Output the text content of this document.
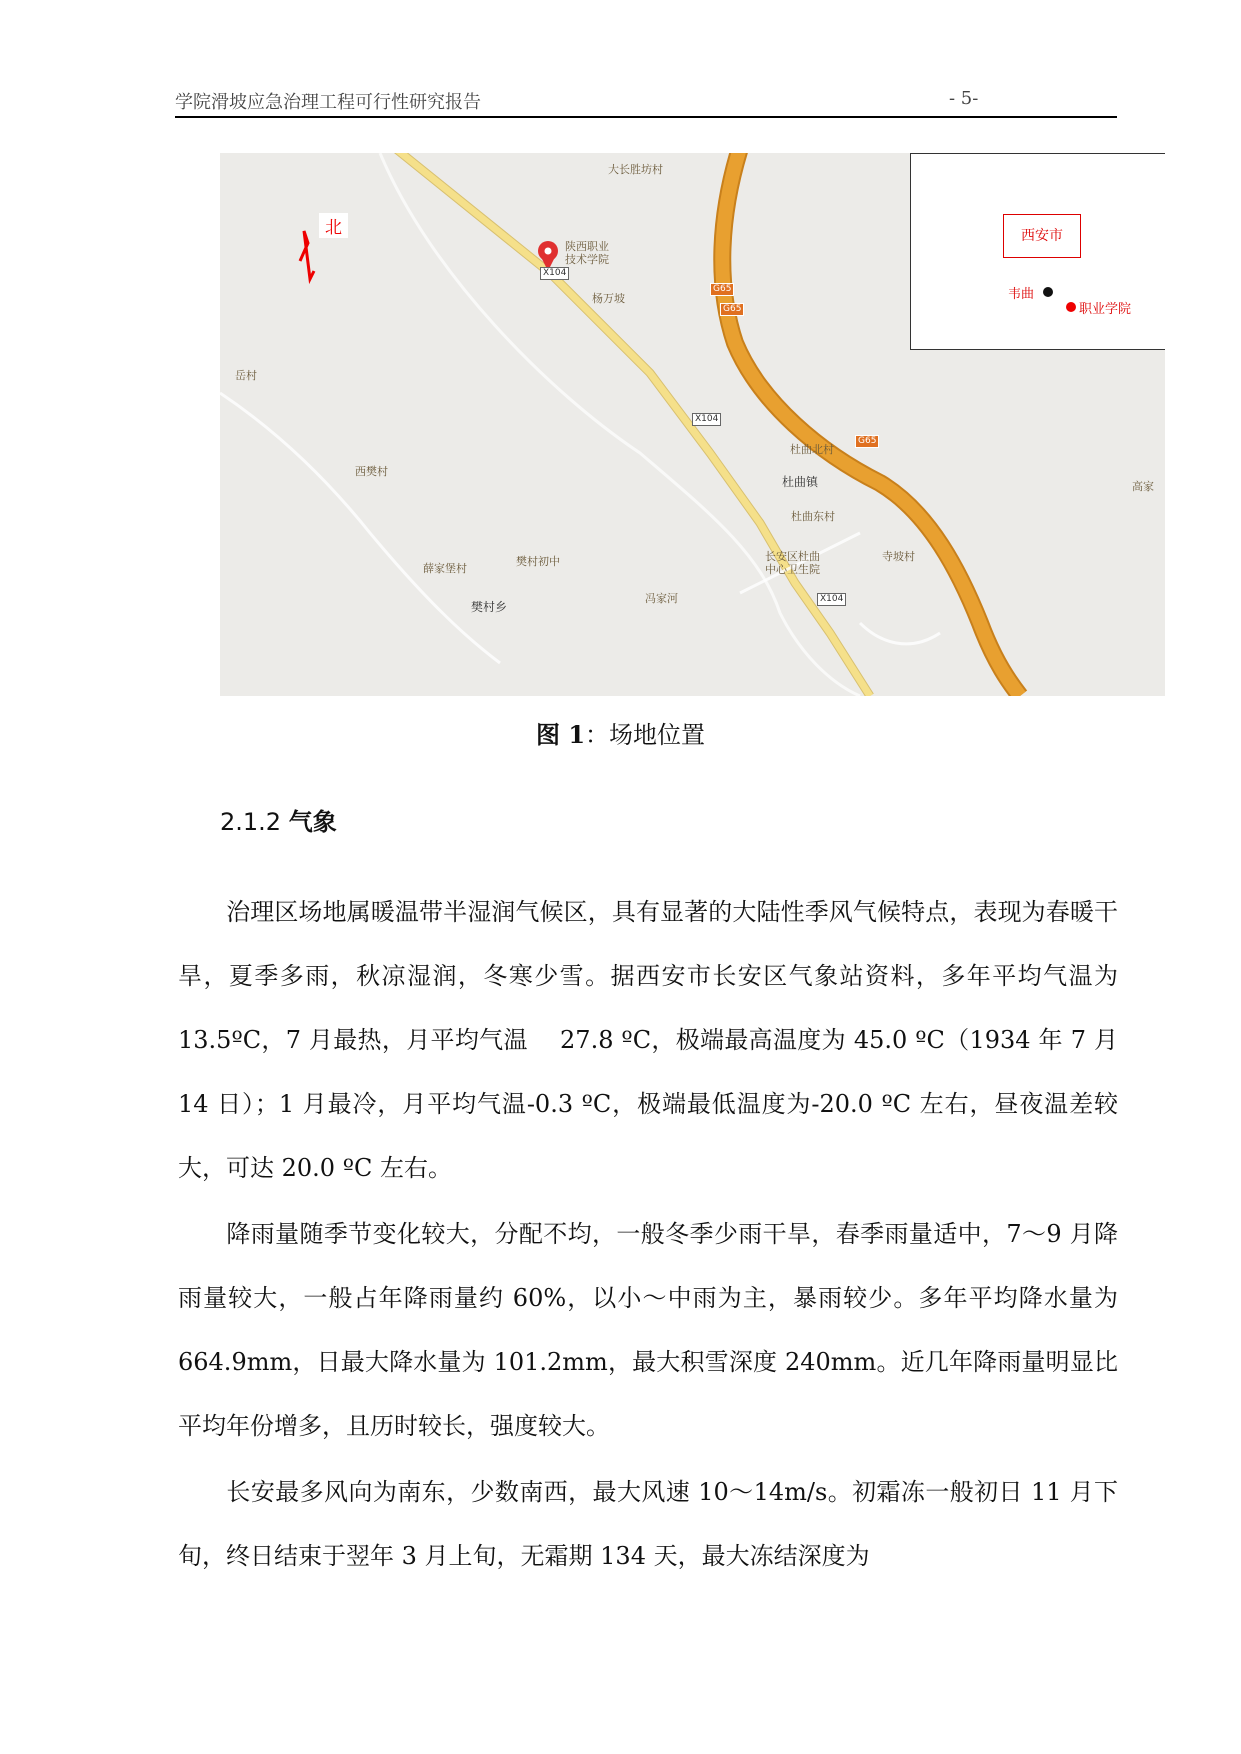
学院滑坡应急治理工程可行性研究报告	- 5-
北
陕西职业
技术学院
大长胜坊村
杨万坡
岳村
西樊村
杜曲北村
杜曲镇
杜曲东村
高家
寺坡村
薛家堡村
樊村初中
冯家河
樊村乡
长安区杜曲
中心卫生院
X104
X104
X104
G65
G65
G65
西安市
韦曲
职业学院
图 1：场地位置
2.1.2 气象
治理区场地属暖温带半湿润气候区，具有显著的大陆性季风气候特点，表现为春暖干旱，夏季多雨，秋凉湿润，冬寒少雪。据西安市长安区气象站资料，多年平均气温为 13.5ºC，7 月最热，月平均气温　 27.8 ºC，极端最高温度为 45.0 ºC（1934 年 7 月 14 日）；1 月最冷，月平均气温-0.3 ºC，极端最低温度为-20.0 ºC 左右，昼夜温差较大，可达 20.0 ºC 左右。
降雨量随季节变化较大，分配不均，一般冬季少雨干旱，春季雨量适中，7～9 月降雨量较大，一般占年降雨量约 60%，以小～中雨为主，暴雨较少。多年平均降水量为 664.9mm，日最大降水量为 101.2mm，最大积雪深度 240mm。近几年降雨量明显比平均年份增多，且历时较长，强度较大。
长安最多风向为南东，少数南西，最大风速 10～14m/s。初霜冻一般初日 11 月下旬，终日结束于翌年 3 月上旬，无霜期 134 天，最大冻结深度为
